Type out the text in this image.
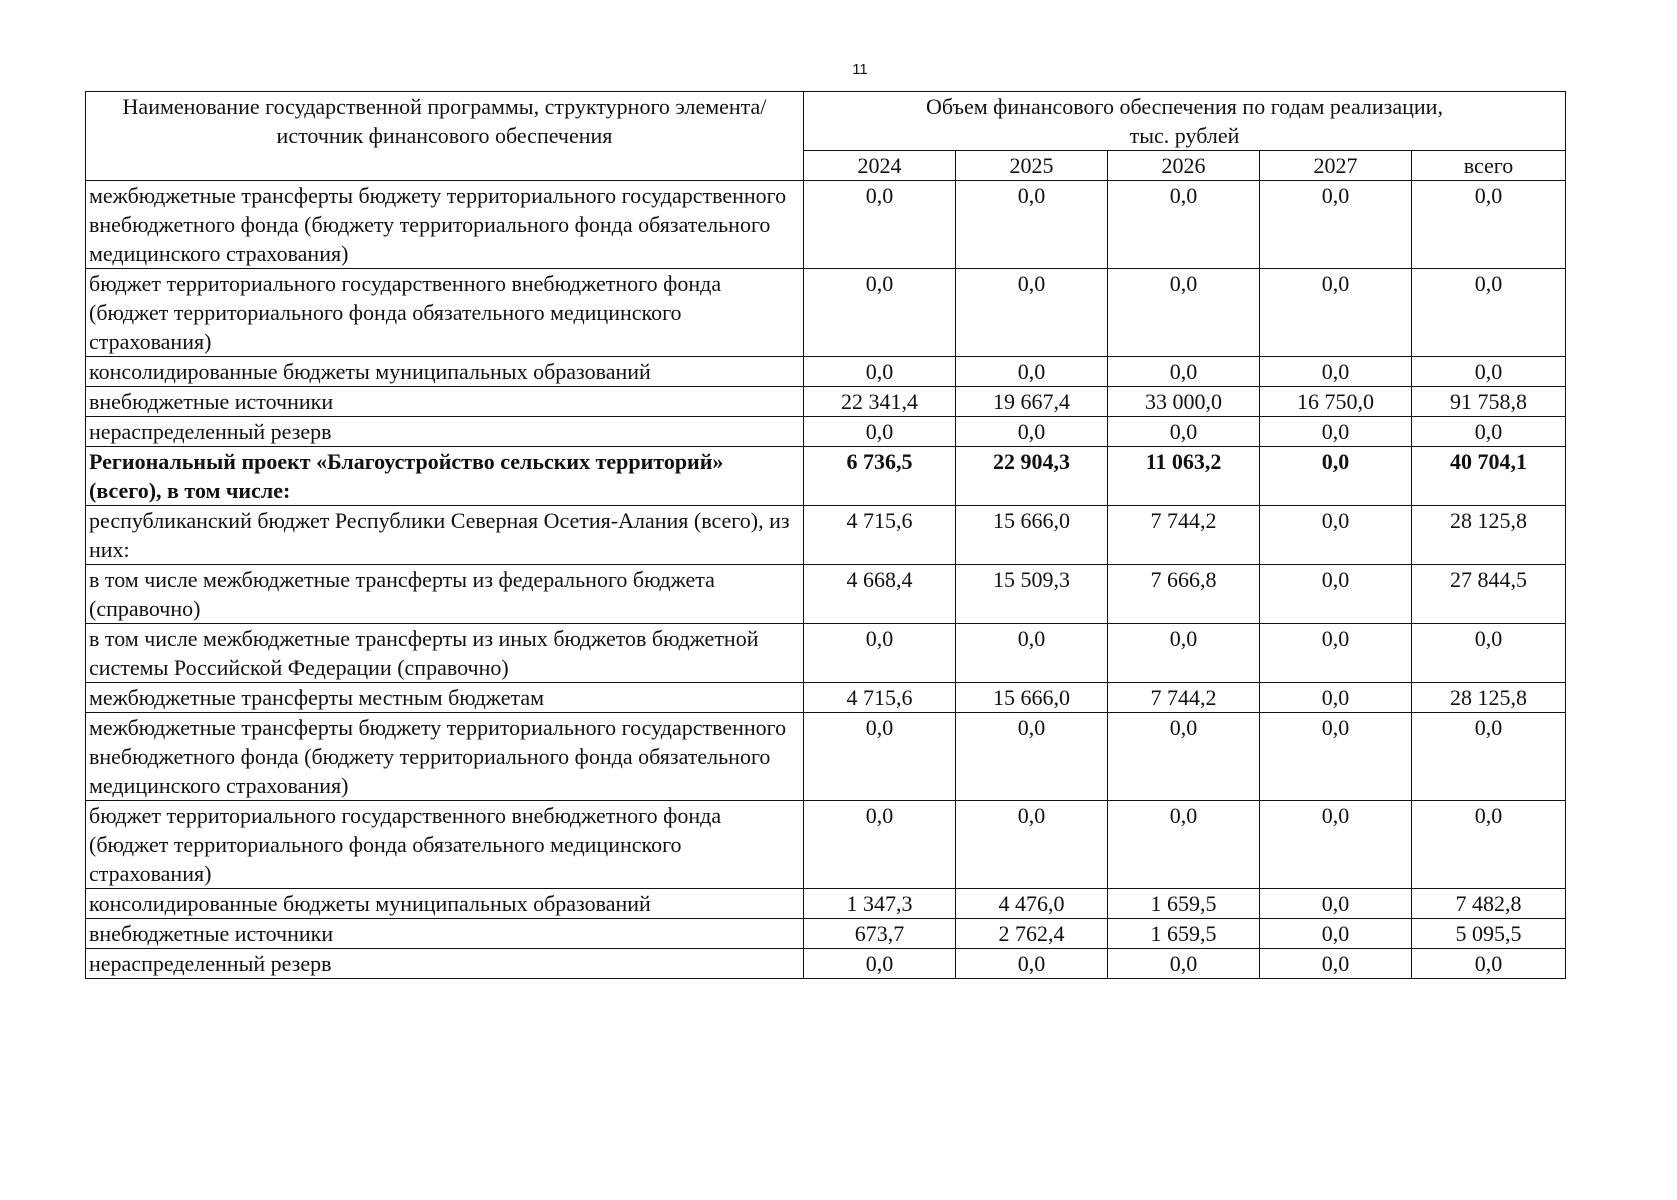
11
Наименование государственной программы, структурного элемента/источник финансового обеспечения	Объем финансового обеспечения по годам реализации, тыс. рублей				
	2024	2025	2026	2027	всего
межбюджетные трансферты бюджету территориального государственного внебюджетного фонда (бюджету территориального фонда обязательного медицинского страхования)	0,0	0,0	0,0	0,0	0,0
бюджет территориального государственного внебюджетного фонда (бюджет территориального фонда обязательного медицинского страхования)	0,0	0,0	0,0	0,0	0,0
консолидированные бюджеты муниципальных образований	0,0	0,0	0,0	0,0	0,0
внебюджетные источники	22 341,4	19 667,4	33 000,0	16 750,0	91 758,8
нераспределенный резерв	0,0	0,0	0,0	0,0	0,0
Региональный проект «Благоустройство сельских территорий» (всего), в том числе:	6 736,5	22 904,3	11 063,2	0,0	40 704,1
республиканский бюджет Республики Северная Осетия-Алания (всего), из них:	4 715,6	15 666,0	7 744,2	0,0	28 125,8
в том числе межбюджетные трансферты из федерального бюджета (справочно)	4 668,4	15 509,3	7 666,8	0,0	27 844,5
в том числе межбюджетные трансферты из иных бюджетов бюджетной системы Российской Федерации (справочно)	0,0	0,0	0,0	0,0	0,0
межбюджетные трансферты местным бюджетам	4 715,6	15 666,0	7 744,2	0,0	28 125,8
межбюджетные трансферты бюджету территориального государственного внебюджетного фонда (бюджету территориального фонда обязательного медицинского страхования)	0,0	0,0	0,0	0,0	0,0
бюджет территориального государственного внебюджетного фонда (бюджет территориального фонда обязательного медицинского страхования)	0,0	0,0	0,0	0,0	0,0
консолидированные бюджеты муниципальных образований	1 347,3	4 476,0	1 659,5	0,0	7 482,8
внебюджетные источники	673,7	2 762,4	1 659,5	0,0	5 095,5
нераспределенный резерв	0,0	0,0	0,0	0,0	0,0
